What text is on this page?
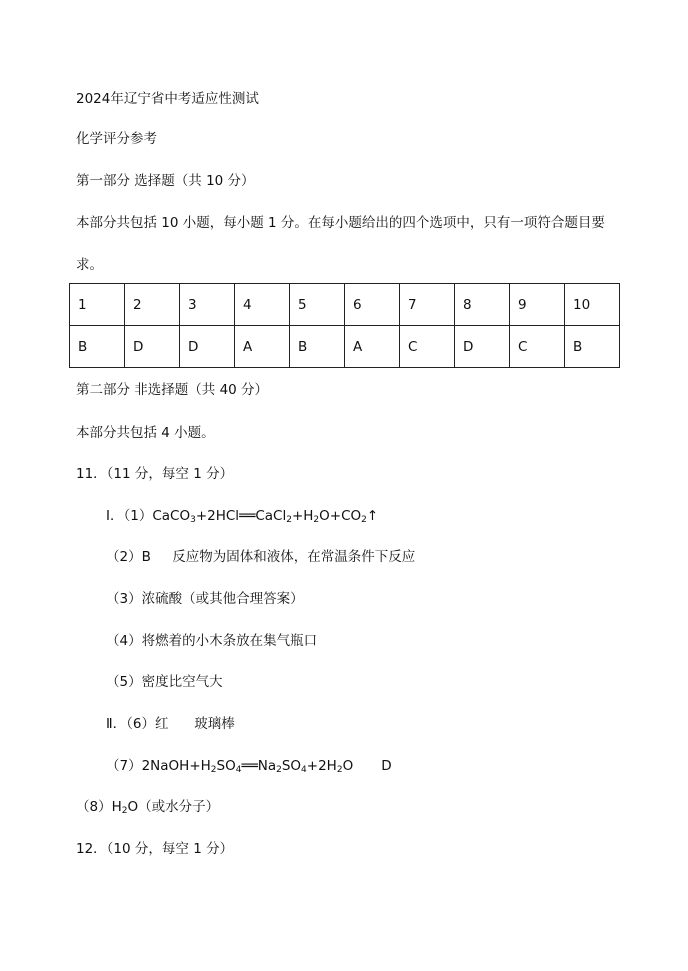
2024年辽宁省中考适应性测试
化学评分参考
第一部分 选择题（共 10 分）
本部分共包括 10 小题，每小题 1 分。在每小题给出的四个选项中，只有一项符合题目要
求。
1	2	3	4	5	6	7	8	9	10
B	D	D	A	B	A	C	D	C	B
第二部分 非选择题（共 40 分）
本部分共包括 4 小题。
11．（11 分，每空 1 分）
Ⅰ．$(1)CaCO_3+2HCl══CaCl_2+H_2O+CO_2↑$
（2）B     反应物为固体和液体，在常温条件下反应
（3）浓硫酸（或其他合理答案）
（4）将燃着的小木条放在集气瓶口
（5）密度比空气大
Ⅱ．（6）红      玻璃棒
$(7)2NaOH+H_2SO_4══Na_2SO_4+2H_2O$ D
$(8)H_2O$（或水分子）
12．（10 分，每空 1 分）
